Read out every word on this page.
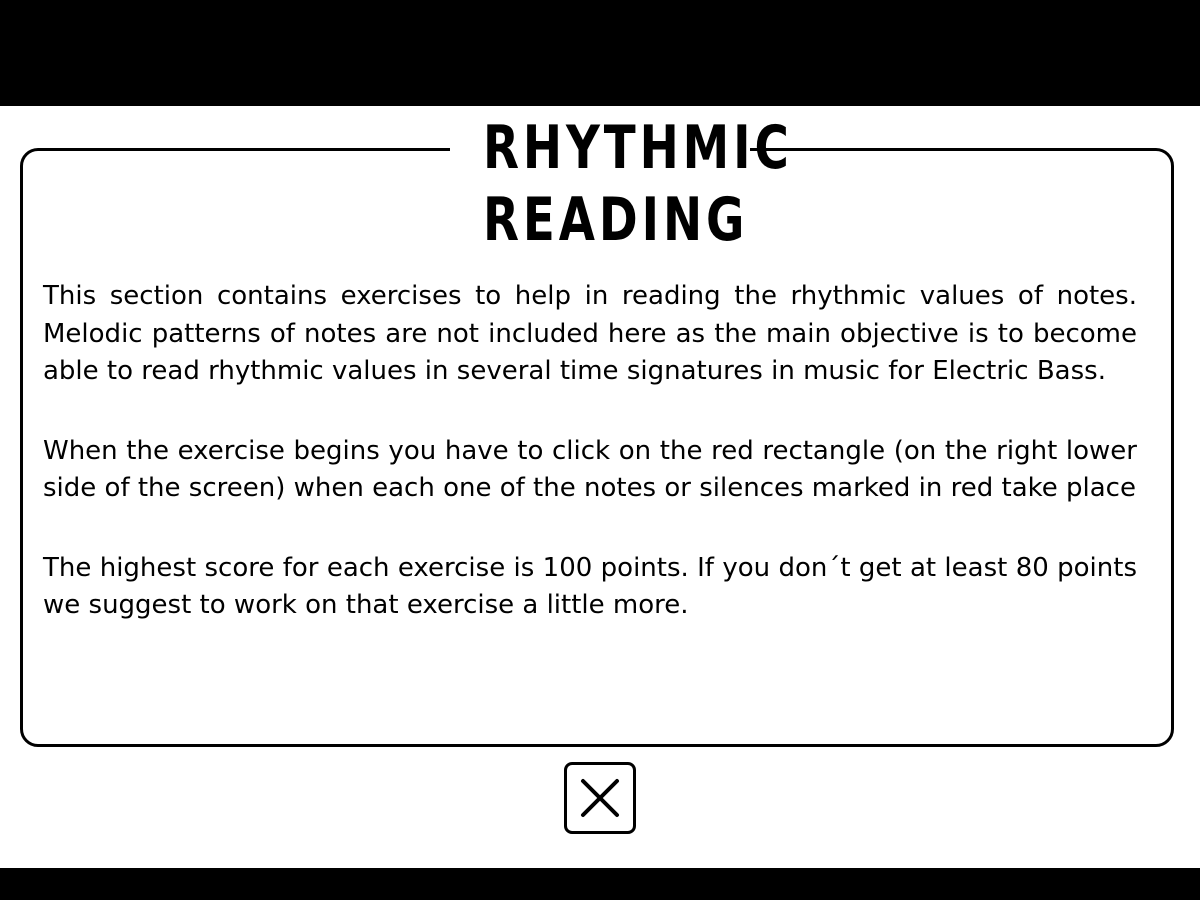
RHYTHMIC
READING

This section contains exercises to help in reading the rhythmic values of notes. Melodic patterns of notes are not included here as the main objective is to become able to read rhythmic values in several time signatures in music for Electric Bass.

When the exercise begins you have to click on the red rectangle (on the right lower side of the screen) when each one of the notes or silences marked in red take place

The highest score for each exercise is 100 points. If you don´t get at least 80 points we suggest to work on that exercise a little more.
